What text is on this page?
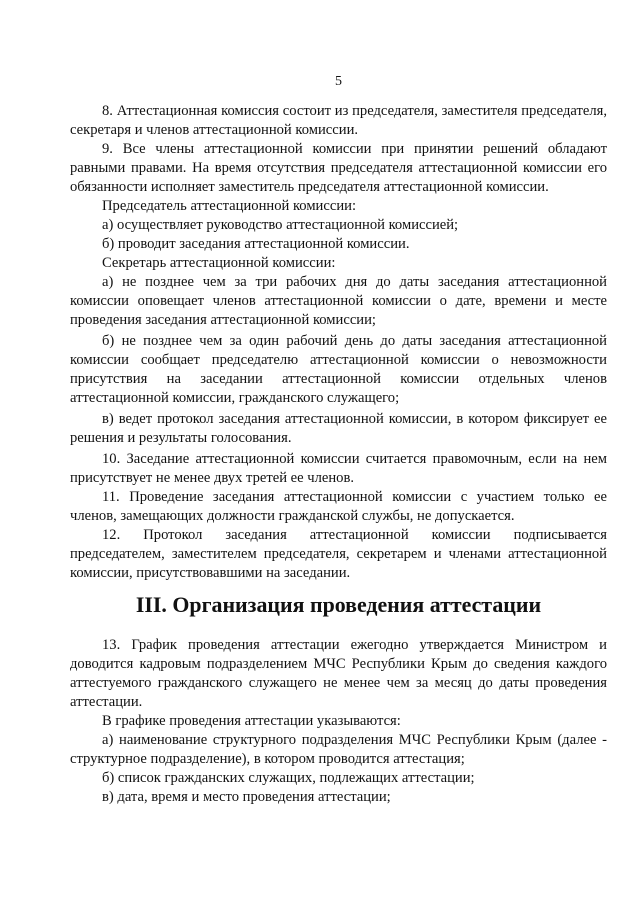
5

8. Аттестационная комиссия состоит из председателя, заместителя председателя, секретаря и членов аттестационной комиссии.

9. Все члены аттестационной комиссии при принятии решений обладают равными правами. На время отсутствия председателя аттестационной комиссии его обязанности исполняет заместитель председателя аттестационной комиссии.

Председатель аттестационной комиссии:

а) осуществляет руководство аттестационной комиссией;

б) проводит заседания аттестационной комиссии.

Секретарь аттестационной комиссии:

а) не позднее чем за три рабочих дня до даты заседания аттестационной комиссии оповещает членов аттестационной комиссии о дате, времени и месте проведения заседания аттестационной комиссии;

б) не позднее чем за один рабочий день до даты заседания аттестационной комиссии сообщает председателю аттестационной комиссии о невозможности присутствия на заседании аттестационной комиссии отдельных членов аттестационной комиссии, гражданского служащего;

в) ведет протокол заседания аттестационной комиссии, в котором фиксирует ее решения и результаты голосования.

10. Заседание аттестационной комиссии считается правомочным, если на нем присутствует не менее двух третей ее членов.

11. Проведение заседания аттестационной комиссии с участием только ее членов, замещающих должности гражданской службы, не допускается.

12. Протокол заседания аттестационной комиссии подписывается председателем, заместителем председателя, секретарем и членами аттестационной комиссии, присутствовавшими на заседании.

III. Организация проведения аттестации

13. График проведения аттестации ежегодно утверждается Министром и доводится кадровым подразделением МЧС Республики Крым до сведения каждого аттестуемого гражданского служащего не менее чем за месяц до даты проведения аттестации.

В графике проведения аттестации указываются:

а) наименование структурного подразделения МЧС Республики Крым (далее - структурное подразделение), в котором проводится аттестация;

б) список гражданских служащих, подлежащих аттестации;

в) дата, время и место проведения аттестации;
